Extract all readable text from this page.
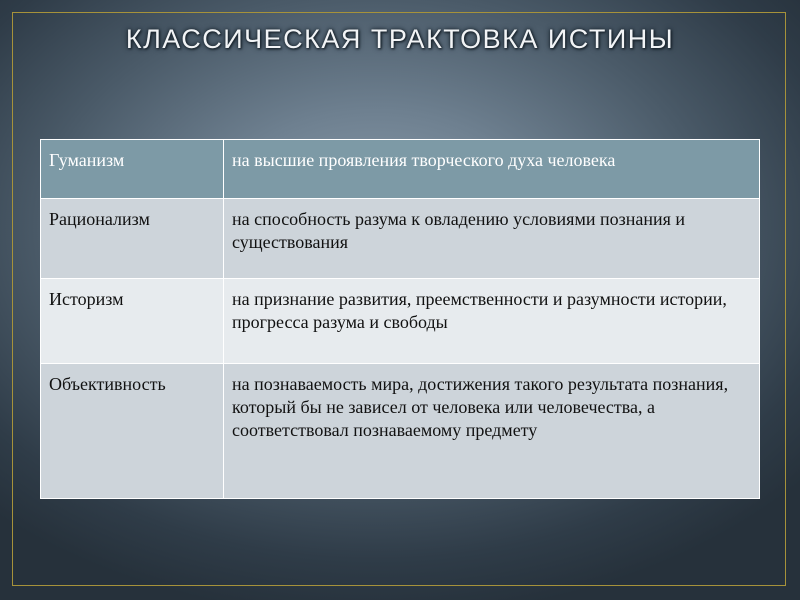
КЛАССИЧЕСКАЯ ТРАКТОВКА ИСТИНЫ
Гуманизм	на высшие проявления творческого духа человека
Рационализм	на способность разума к овладению условиями познания и существования
Историзм	на признание развития, преемственности и разумности истории, прогресса разума и свободы
Объективность	на познаваемость мира, достижения такого результата познания, который бы не зависел от человека или человечества, а соответствовал познаваемому предмету
